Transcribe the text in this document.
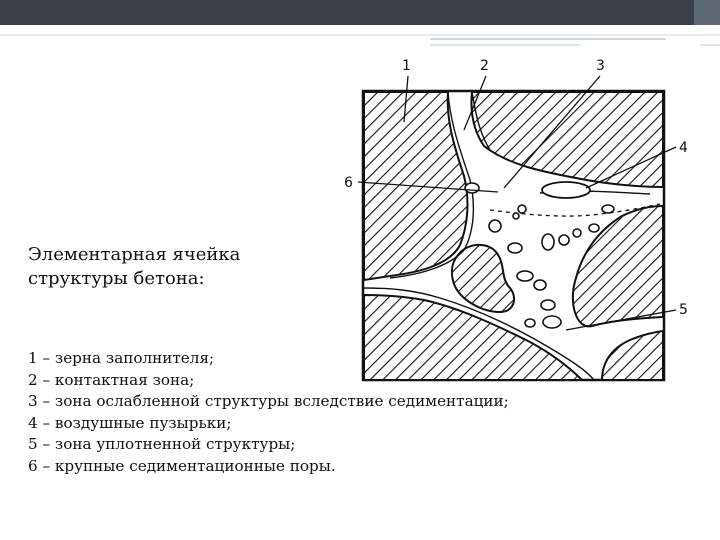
1	2	3
4
5
6
Элементарная ячейка
структуры бетона:
1 – зерна заполнителя;
2 – контактная зона;
3 – зона ослабленной структуры вследствие седиментации;
4 – воздушные пузырьки;
5 – зона уплотненной структуры;
6 – крупные седиментационные поры.
